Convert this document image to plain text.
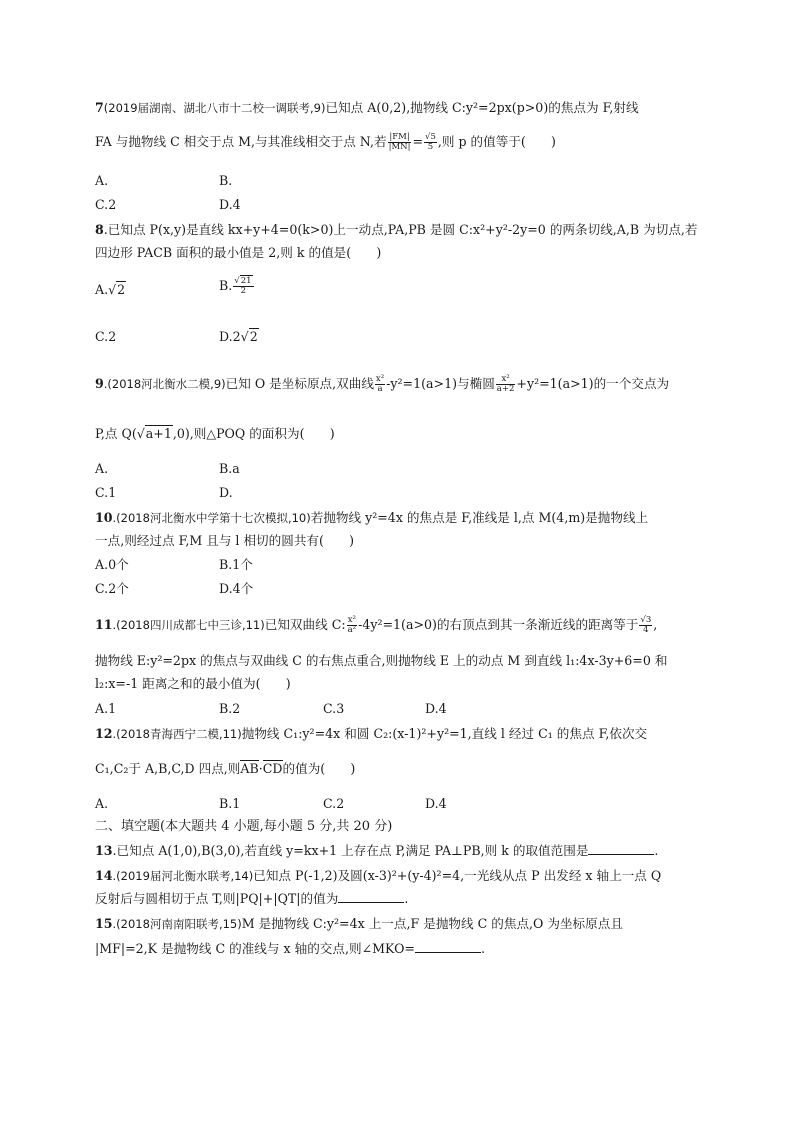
7(2019届湖南、湖北八市十二校一调联考,9)已知点 A(0,2),抛物线 C:y²=2px(p>0)的焦点为 F,射线
FA 与抛物线 C 相交于点 M,与其准线相交于点 N,若 $\frac{|FM|}{|MN|} = \frac{√5}{5}$ ,则 p 的值等于(　　)
A.	B.
C.2	D.4
8.已知点 P(x,y)是直线 kx+y+4=0(k>0)上一动点,PA,PB 是圆 C:x²+y²-2y=0 的两条切线,A,B 为切点,若
四边形 PACB 面积的最小值是 2,则 k 的值是(　　)
A.√2	B. $\frac{√21}{2}$
C.2	D.2√2
9.(2018河北衡水二模,9)已知 O 是坐标原点,双曲线 $\frac{\text{x²}}{a} -y^2=1(a>1)$与椭圆 $\frac{\text{x²}}{a+2} +y^2=1(a>1)$的一个交点为
P,点 Q(√a+1,0),则△POQ 的面积为(　　)
A.	B.a
C.1	D.
10.(2018河北衡水中学第十七次模拟,10)若抛物线 y²=4x 的焦点是 F,准线是 l,点 M(4,m)是抛物线上
一点,则经过点 F,M 且与 l 相切的圆共有(　　)
A.0个	B.1个
C.2个	D.4个
11.(2018四川成都七中三诊,11)已知双曲线 C: $\frac{\text{x²}}{\text{a²}} -4y^2=1(a>0)$的右顶点到其一条渐近线的距离等于 $\frac{√3}{4}$ ,
抛物线 E:y²=2px 的焦点与双曲线 C 的右焦点重合,则抛物线 E 上的动点 M 到直线 l₁:4x-3y+6=0 和
l₂:x=-1 距离之和的最小值为(　　)
A.1	B.2	C.3	D.4
12.(2018青海西宁二模,11)抛物线 C₁:y²=4x 和圆 C₂:(x-1)²+y²=1,直线 l 经过 C₁ 的焦点 F,依次交
C₁,C₂于 A,B,C,D 四点,则AB·CD的值为(　　)
A.	B.1	C.2	D.4
二、填空题(本大题共 4 小题,每小题 5 分,共 20 分)
13.已知点 A(1,0),B(3,0),若直线 y=kx+1 上存在点 P,满足 PA⊥PB,则 k 的取值范围是	.
14.(2019届河北衡水联考,14)已知点 P(-1,2)及圆(x-3)²+(y-4)²=4,一光线从点 P 出发经 x 轴上一点 Q
反射后与圆相切于点 T,则|PQ|+|QT|的值为	.
15.(2018河南南阳联考,15)M 是抛物线 C:y²=4x 上一点,F 是抛物线 C 的焦点,O 为坐标原点且
|MF|=2,K 是抛物线 C 的准线与 x 轴的交点,则∠MKO=	.
